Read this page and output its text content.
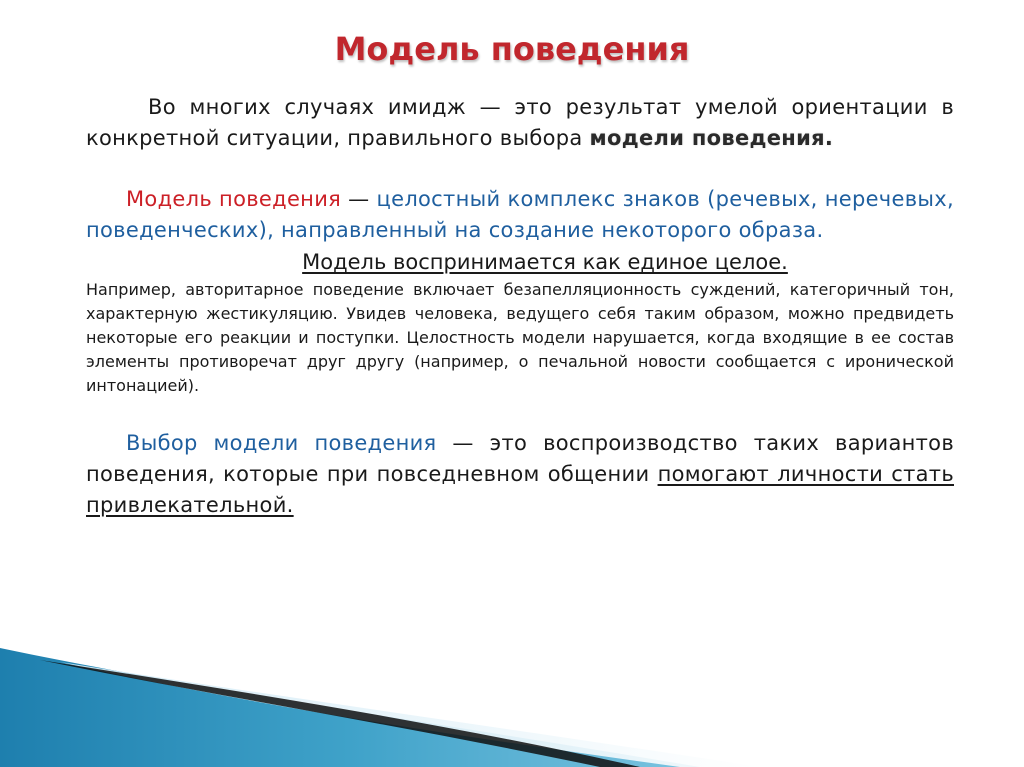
Модель поведения

Во многих случаях имидж — это результат умелой ориентации в конкретной ситуации, правильного выбора модели поведения.

Модель поведения — целостный комплекс знаков (речевых, неречевых, поведенческих), направленный на создание некоторого образа.

Модель воспринимается как единое целое.

Например, авторитарное поведение включает безапелляционность суждений, категоричный тон, характерную жестикуляцию. Увидев человека, ведущего себя таким образом, можно предвидеть некоторые его реакции и поступки. Целостность модели нарушается, когда входящие в ее состав элементы противоречат друг другу (например, о печальной новости сообщается с иронической интонацией).

Выбор модели поведения — это воспроизводство таких вариантов поведения, которые при повседневном общении помогают личности стать привлекательной.
